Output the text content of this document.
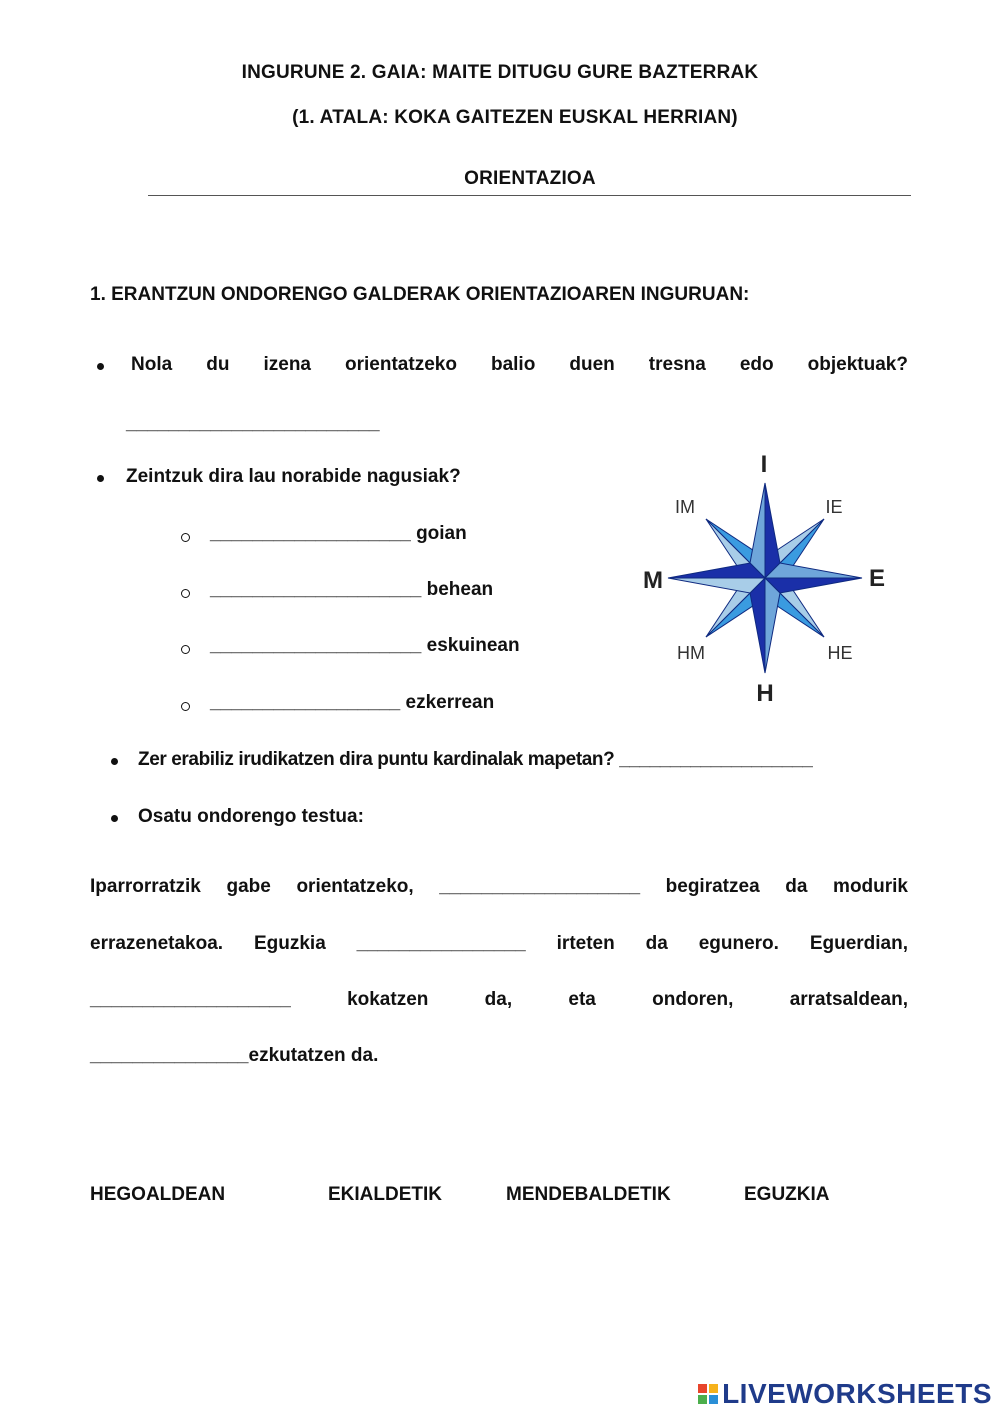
INGURUNE 2. GAIA: MAITE DITUGU GURE BAZTERRAK
(1. ATALA: KOKA GAITEZEN EUSKAL HERRIAN)
ORIENTAZIOA
1. ERANTZUN ONDORENGO GALDERAK ORIENTAZIOAREN INGURUAN:
Nola du izena orientatzeko balio duen tresna edo objektuak?
________________________
Zeintzuk dira lau norabide nagusiak?
___________________ goian
____________________ behean
____________________ eskuinean
__________________ ezkerrean
I
H
E
M
IM	IE
HM	HE
Zer erabiliz irudikatzen dira puntu kardinalak mapetan? ___________________
Osatu ondorengo testua:
Iparrorratzik gabe orientatzeko, ___________________ begiratzea da modurik
errazenetakoa. Eguzkia ________________ irteten da egunero. Eguerdian,
___________________	kokatzen	da,	eta	ondoren,	arratsaldean,
_______________ezkutatzen da.
HEGOALDEAN	EKIALDETIK	MENDEBALDETIK	EGUZKIA
LIVEWORKSHEETS
